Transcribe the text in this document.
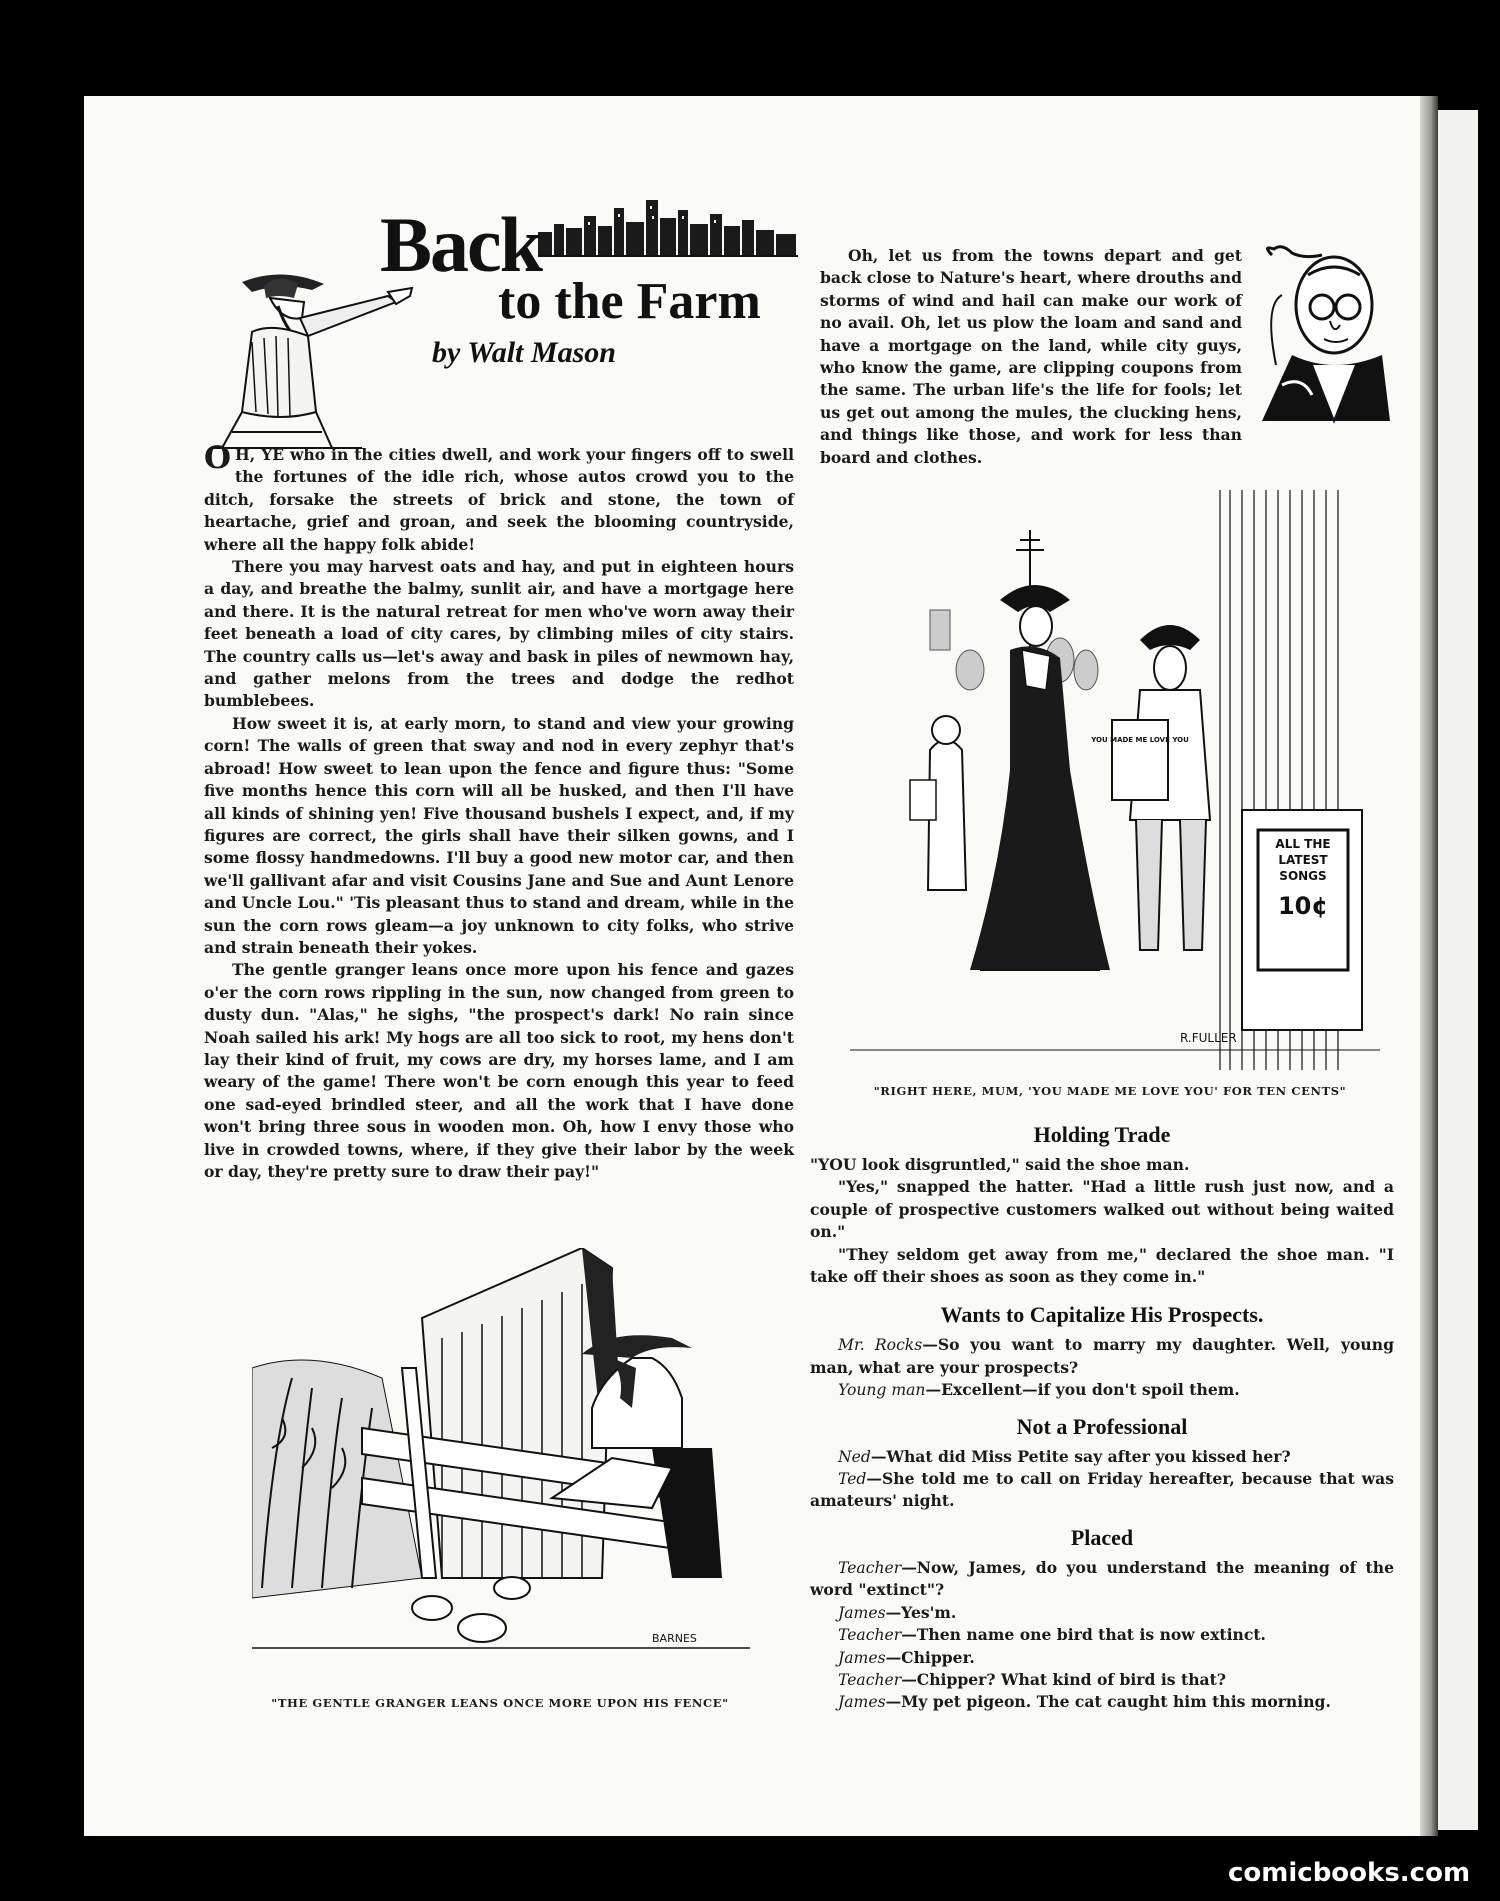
Back
to the Farm
by Walt Mason

O H, YE who in the cities dwell, and work your fingers off to swell the fortunes of the idle rich, whose autos crowd you to the ditch, forsake the streets of brick and stone, the town of heartache, grief and groan, and seek the blooming countryside, where all the happy folk abide!

There you may harvest oats and hay, and put in eighteen hours a day, and breathe the balmy, sunlit air, and have a mortgage here and there. It is the natural retreat for men who've worn away their feet beneath a load of city cares, by climbing miles of city stairs. The country calls us—let's away and bask in piles of newmown hay, and gather melons from the trees and dodge the redhot bumblebees.

How sweet it is, at early morn, to stand and view your growing corn! The walls of green that sway and nod in every zephyr that's abroad! How sweet to lean upon the fence and figure thus: "Some five months hence this corn will all be husked, and then I'll have all kinds of shining yen! Five thousand bushels I expect, and, if my figures are correct, the girls shall have their silken gowns, and I some flossy handmedowns. I'll buy a good new motor car, and then we'll gallivant afar and visit Cousins Jane and Sue and Aunt Lenore and Uncle Lou." 'Tis pleasant thus to stand and dream, while in the sun the corn rows gleam—a joy unknown to city folks, who strive and strain beneath their yokes.

The gentle granger leans once more upon his fence and gazes o'er the corn rows rippling in the sun, now changed from green to dusty dun. "Alas," he sighs, "the prospect's dark! No rain since Noah sailed his ark! My hogs are all too sick to root, my hens don't lay their kind of fruit, my cows are dry, my horses lame, and I am weary of the game! There won't be corn enough this year to feed one sad-eyed brindled steer, and all the work that I have done won't bring three sous in wooden mon. Oh, how I envy those who live in crowded towns, where, if they give their labor by the week or day, they're pretty sure to draw their pay!"

Oh, let us from the towns depart and get back close to Nature's heart, where drouths and storms of wind and hail can make our work of no avail. Oh, let us plow the loam and sand and have a mortgage on the land, while city guys, who know the game, are clipping coupons from the same. The urban life's the life for fools; let us get out among the mules, the clucking hens, and things like those, and work for less than board and clothes.

BARNES
"THE GENTLE GRANGER LEANS ONCE MORE UPON HIS FENCE"
ALL THE
LATEST
SONGS
10¢
YOU MADE ME LOVE YOU
R.FULLER
"RIGHT HERE, MUM, 'YOU MADE ME LOVE YOU' FOR TEN CENTS"
Holding Trade

"YOU look disgruntled," said the shoe man.

"Yes," snapped the hatter. "Had a little rush just now, and a couple of prospective customers walked out without being waited on."

"They seldom get away from me," declared the shoe man. "I take off their shoes as soon as they come in."

Wants to Capitalize His Prospects.

Mr. Rocks—So you want to marry my daughter. Well, young man, what are your prospects?

Young man—Excellent—if you don't spoil them.

Not a Professional

Ned—What did Miss Petite say after you kissed her?

Ted—She told me to call on Friday hereafter, because that was amateurs' night.

Placed

Teacher—Now, James, do you understand the meaning of the word "extinct"?

James—Yes'm.

Teacher—Then name one bird that is now extinct.

James—Chipper.

Teacher—Chipper? What kind of bird is that?

James—My pet pigeon. The cat caught him this morning.

comicbooks.com
